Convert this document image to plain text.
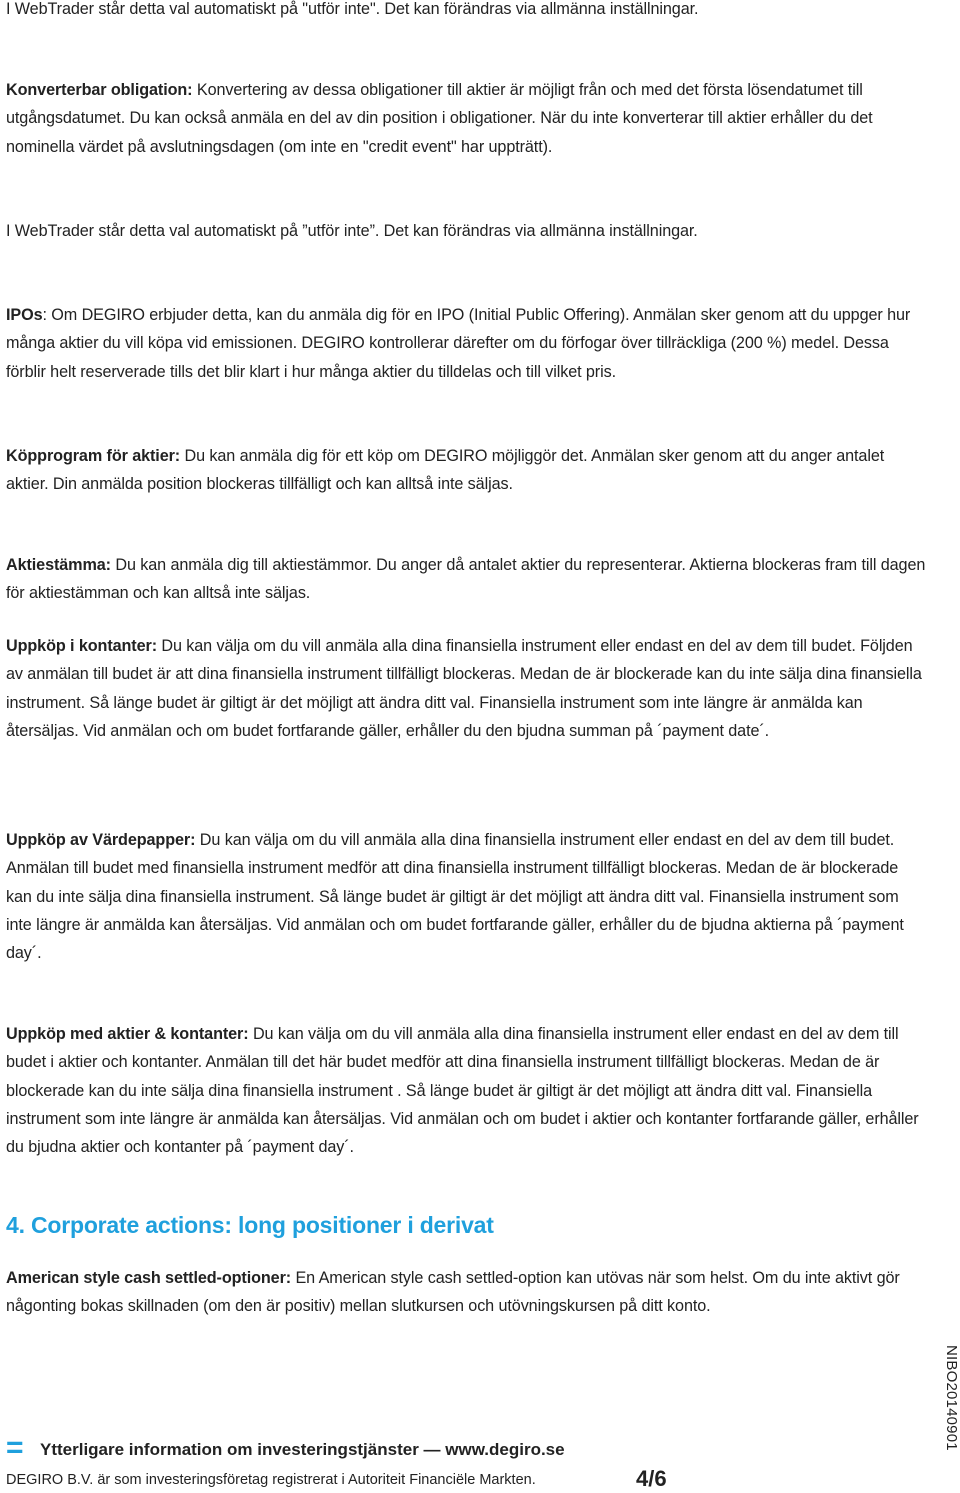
I WebTrader står detta val automatiskt på "utför inte". Det kan förändras via allmänna inställningar.

Konverterbar obligation: Konvertering av dessa obligationer till aktier är möjligt från och med det första lösendatumet till utgångsdatumet. Du kan också anmäla en del av din position i obligationer. När du inte konverterar till aktier erhåller du det nominella värdet på avslutningsdagen (om inte en "credit event" har uppträtt).

I WebTrader står detta val automatiskt på ”utför inte”. Det kan förändras via allmänna inställningar.

IPOs: Om DEGIRO erbjuder detta, kan du anmäla dig för en IPO (Initial Public Offering). Anmälan sker genom att du uppger hur många aktier du vill köpa vid emissionen. DEGIRO kontrollerar därefter om du förfogar över tillräckliga (200 %) medel. Dessa förblir helt reserverade tills det blir klart i hur många aktier du tilldelas och till vilket pris.

Köpprogram för aktier: Du kan anmäla dig för ett köp om DEGIRO möjliggör det. Anmälan sker genom att du anger antalet aktier. Din anmälda position blockeras tillfälligt och kan alltså inte säljas.

Aktiestämma: Du kan anmäla dig till aktiestämmor. Du anger då antalet aktier du representerar. Aktierna blockeras fram till dagen för aktiestämman och kan alltså inte säljas.

Uppköp i kontanter: Du kan välja om du vill anmäla alla dina finansiella instrument eller endast en del av dem till budet. Följden av anmälan till budet är att dina finansiella instrument tillfälligt blockeras. Medan de är blockerade kan du inte sälja dina finansiella instrument. Så länge budet är giltigt är det möjligt att ändra ditt val. Finansiella instrument som inte längre är anmälda kan återsäljas. Vid anmälan och om budet fortfarande gäller, erhåller du den bjudna summan på ´payment date´.

Uppköp av Värdepapper: Du kan välja om du vill anmäla alla dina finansiella instrument eller endast en del av dem till budet. Anmälan till budet med finansiella instrument medför att dina finansiella instrument tillfälligt blockeras. Medan de är blockerade kan du inte sälja dina finansiella instrument. Så länge budet är giltigt är det möjligt att ändra ditt val. Finansiella instrument som inte längre är anmälda kan återsäljas. Vid anmälan och om budet fortfarande gäller, erhåller du de bjudna aktierna på ´payment day´.

Uppköp med aktier & kontanter: Du kan välja om du vill anmäla alla dina finansiella instrument eller endast en del av dem till budet i aktier och kontanter. Anmälan till det här budet medför att dina finansiella instrument tillfälligt blockeras. Medan de är blockerade kan du inte sälja dina finansiella instrument . Så länge budet är giltigt är det möjligt att ändra ditt val. Finansiella instrument som inte längre är anmälda kan återsäljas. Vid anmälan och om budet i aktier och kontanter fortfarande gäller, erhåller du bjudna aktier och kontanter på ´payment day´.

4. Corporate actions: long positioner i derivat

American style cash settled-optioner: En American style cash settled-option kan utövas när som helst. Om du inte aktivt gör någonting bokas skillnaden (om den är positiv) mellan slutkursen och utövningskursen på ditt konto.

= Ytterligare information om investeringstjänster — www.degiro.se
DEGIRO B.V. är som investeringsföretag registrerat i Autoriteit Financiële Markten.	4/6
NIBO20140901
